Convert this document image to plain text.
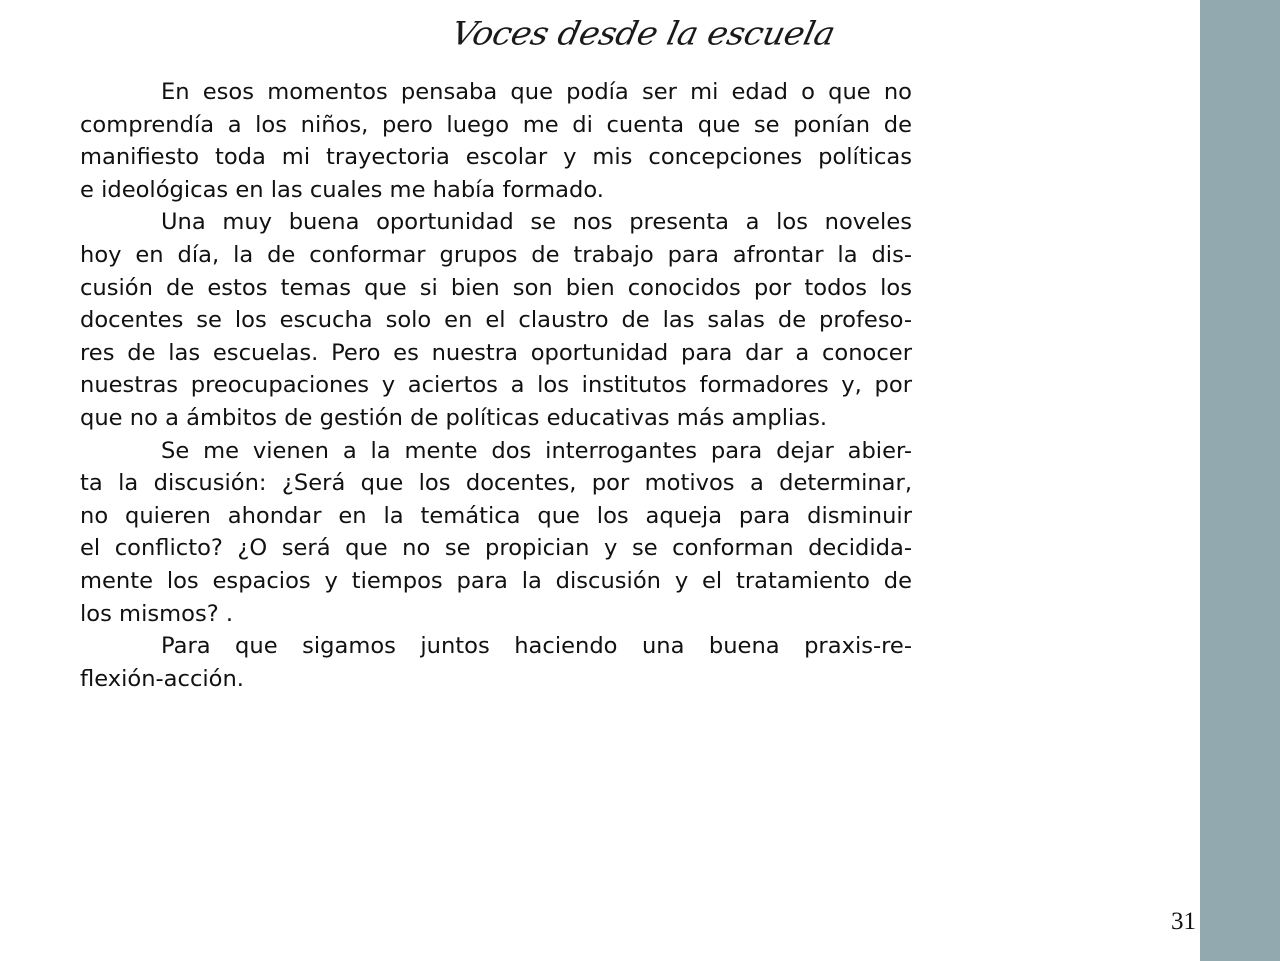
Voces desde la escuela

En esos momentos pensaba que podía ser mi edad o que no
comprendía a los niños, pero luego me di cuenta que se ponían de
manifiesto toda mi trayectoria escolar y mis concepciones políticas
e ideológicas en las cuales me había formado.

Una muy buena oportunidad se nos presenta a los noveles
hoy en día, la de conformar grupos de trabajo para afrontar la dis-
cusión de estos temas que si bien son bien conocidos por todos los
docentes se los escucha solo en el claustro de las salas de profeso-
res de las escuelas. Pero es nuestra oportunidad para dar a conocer
nuestras preocupaciones y aciertos a los institutos formadores y, por
que no a ámbitos de gestión de políticas educativas más amplias.

Se me vienen a la mente dos interrogantes para dejar abier-
ta la discusión: ¿Será que los docentes, por motivos a determinar,
no quieren ahondar en la temática que los aqueja para disminuir
el conflicto? ¿O será que no se propician y se conforman decidida-
mente los espacios y tiempos para la discusión y el tratamiento de
los mismos? .

Para que sigamos juntos haciendo una buena praxis-re-
flexión-acción.

31
